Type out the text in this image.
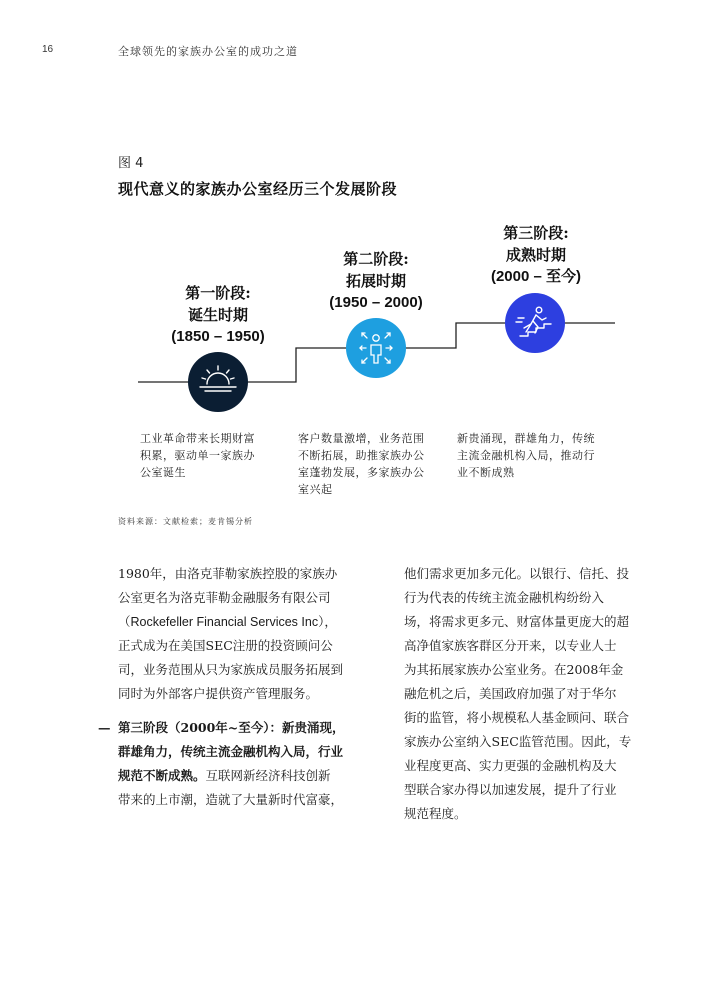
16	全球领先的家族办公室的成功之道
图 4
现代意义的家族办公室经历三个发展阶段
第一阶段:
诞生时期
(1850 – 1950)
第二阶段:
拓展时期
(1950 – 2000)
第三阶段:
成熟时期
(2000 – 至今)
工业革命带来长期财富
积累，驱动单一家族办
公室诞生
客户数量激增，业务范围
不断拓展，助推家族办公
室蓬勃发展，多家族办公
室兴起
新贵涌现，群雄角力，传统
主流金融机构入局，推动行
业不断成熟
资料来源：文献检索；麦肯锡分析
1980年，由洛克菲勒家族控股的家族办
公室更名为洛克菲勒金融服务有限公司
（Rockefeller Financial Services Inc），
正式成为在美国SEC注册的投资顾问公
司，业务范围从只为家族成员服务拓展到
同时为外部客户提供资产管理服务。
— 第三阶段（2000年~至今）：新贵涌现，
群雄角力，传统主流金融机构入局，行业
规范不断成熟。互联网新经济科技创新
带来的上市潮，造就了大量新时代富豪，
他们需求更加多元化。以银行、信托、投
行为代表的传统主流金融机构纷纷入
场，将需求更多元、财富体量更庞大的超
高净值家族客群区分开来，以专业人士
为其拓展家族办公室业务。在2008年金
融危机之后，美国政府加强了对于华尔
街的监管，将小规模私人基金顾问、联合
家族办公室纳入SEC监管范围。因此，专
业程度更高、实力更强的金融机构及大
型联合家办得以加速发展，提升了行业
规范程度。
